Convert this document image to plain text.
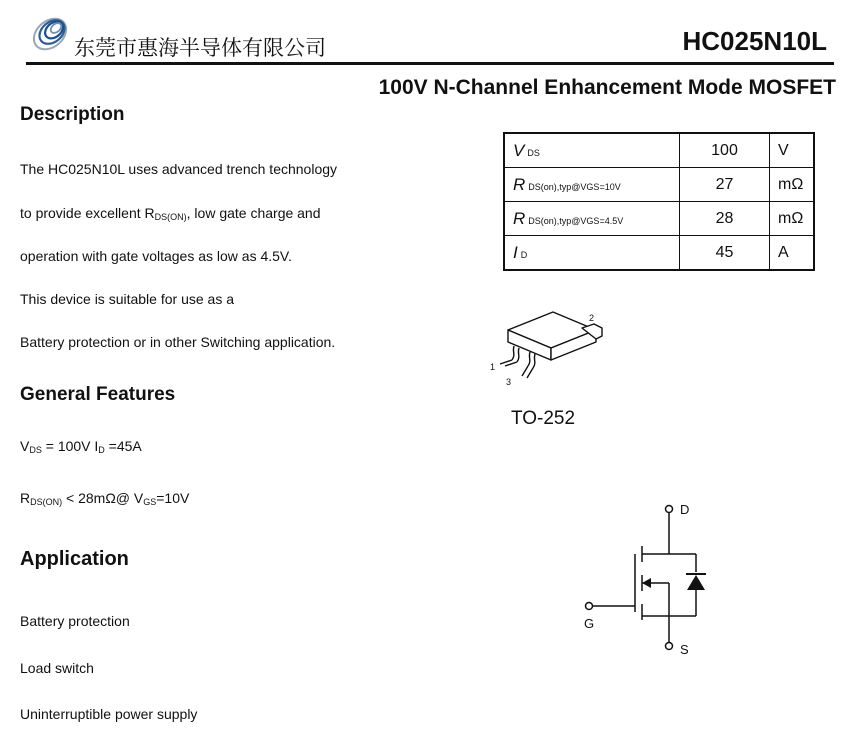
东莞市惠海半导体有限公司	HC025N10L
100V N-Channel Enhancement Mode MOSFET
Description
The HC025N10L uses advanced trench technology
to provide excellent $R_{DS(ON)}$, low gate charge and
operation with gate voltages as low as 4.5V.
This device is suitable for use as a
Battery protection or in other Switching application.
V DS	100	V
R DS(on),typ@VGS=10V	27	mΩ
R DS(on),typ@VGS=4.5V	28	mΩ
I D	45	A
1
2
3
TO-252
General Features
$V_{DS} = 100V$ $I_D =45A$
$R_{DS(ON)}$ < 28mΩ@ $V_{GS}=10V$
Application
Battery protection
Load switch
Uninterruptible power supply
D
G
S
